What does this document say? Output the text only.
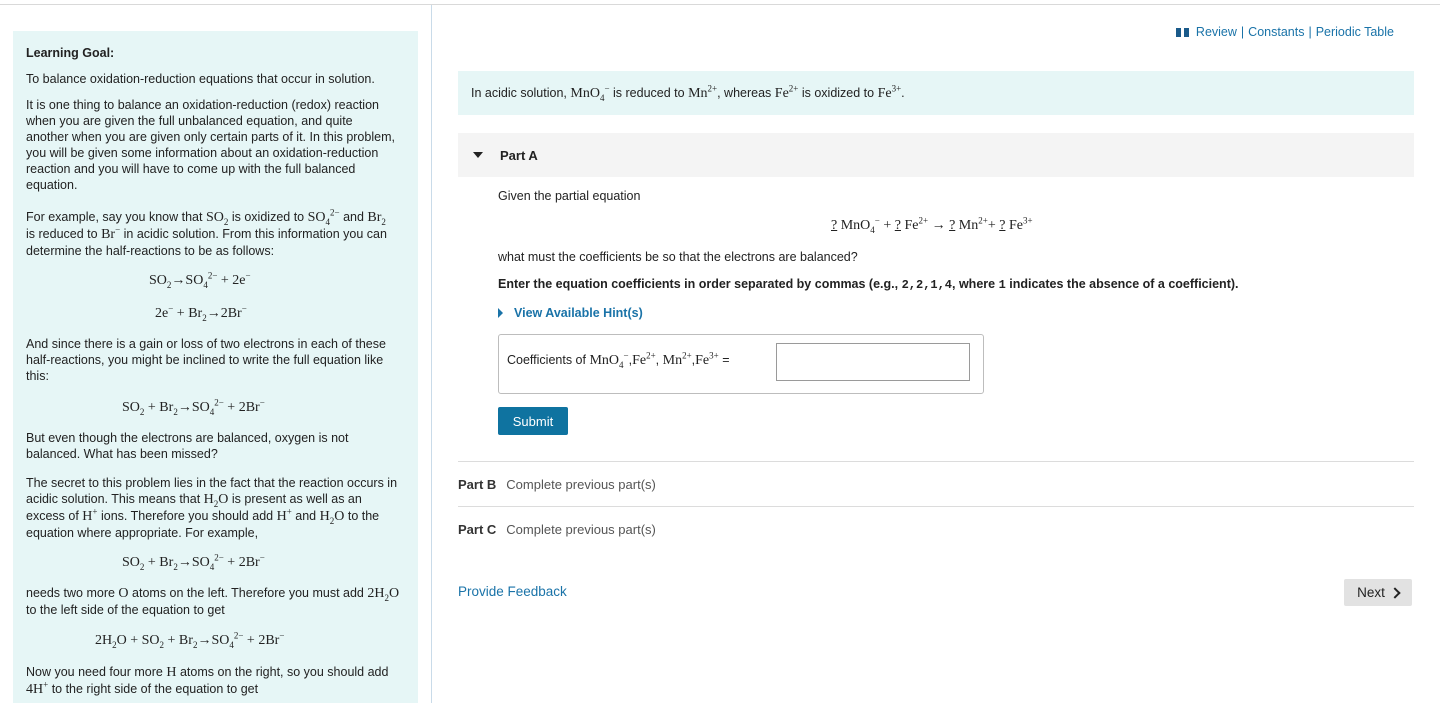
Learning Goal:

To balance oxidation-reduction equations that occur in solution.

It is one thing to balance an oxidation-reduction (redox) reaction when you are given the full unbalanced equation, and quite another when you are given only certain parts of it. In this problem, you will be given some information about an oxidation-reduction reaction and you will have to come up with the full balanced equation.

For example, say you know that $SO_2$ is oxidized to $SO_4^{2-}$ and $Br_2$ is reduced to Br− in acidic solution. From this information you can determine the half-reactions to be as follows:

$SO_2\to SO_4^{2-} + 2e^-$
$2e^- + Br_2\to 2Br^-$

And since there is a gain or loss of two electrons in each of these half-reactions, you might be inclined to write the full equation like this:

$SO_2 + Br_2\to SO_4^{2-} + 2Br^-$

But even though the electrons are balanced, oxygen is not balanced. What has been missed?

The secret to this problem lies in the fact that the reaction occurs in acidic solution. This means that $H_2O$ is present as well as an excess of H+ ions. Therefore you should add H+ and $H_2O$ to the equation where appropriate. For example,

$SO_2 + Br_2\to SO_4^{2-} + 2Br^-$

needs two more O atoms on the left. Therefore you must add $2H_2O$ to the left side of the equation to get

$2H_2O + SO_2 + Br_2\to SO_4^{2-} + 2Br^-$

Now you need four more H atoms on the right, so you should add 4H+ to the right side of the equation to get

Review | Constants | Periodic Table
In acidic solution, MnO$_4$− is reduced to $Mn^{2+}$, whereas $Fe^{2+}$ is oxidized to $Fe^{3+}$.
Part A
Given the partial equation
? MnO$_4$− + ? $Fe^{2+}$ → ? $Mn^{2+}+$ ? $Fe^{3+}$
what must the coefficients be so that the electrons are balanced?
Enter the equation coefficients in order separated by commas (e.g., 2,2,1,4, where 1 indicates the absence of a coefficient).
View Available Hint(s)
Coefficients of $MnO_4^-,Fe^{2+}$, $Mn^{2+},Fe^{3+}$ =
Submit
Part B Complete previous part(s)
Part C Complete previous part(s)
Provide Feedback	Next
